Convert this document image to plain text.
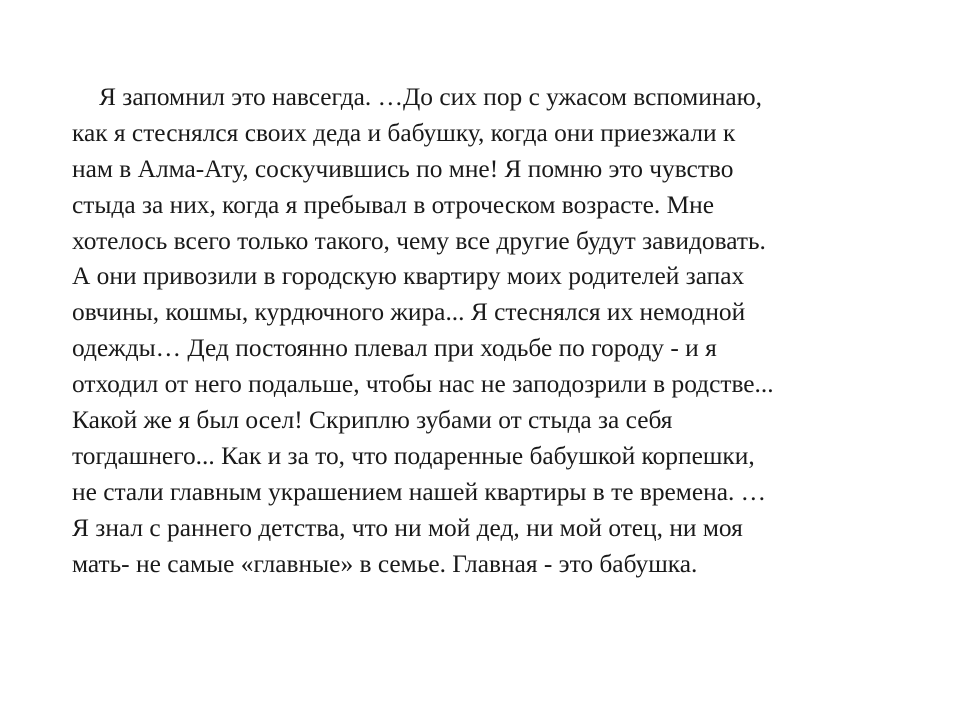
Я запомнил это навсегда. …До сих пор с ужасом вспоминаю,
как я стеснялся своих деда и бабушку, когда они приезжали к
нам в Алма-Ату, соскучившись по мне! Я помню это чувство
стыда за них, когда я пребывал в отроческом возрасте. Мне
хотелось всего только такого, чему все другие будут завидовать.
А они привозили в городскую квартиру моих родителей запах
овчины, кошмы, курдючного жира... Я стеснялся их немодной
одежды… Дед постоянно плевал при ходьбе по городу - и я
отходил от него подальше, чтобы нас не заподозрили в родстве...
Какой же я был осел! Скриплю зубами от стыда за себя
тогдашнего... Как и за то, что подаренные бабушкой корпешки,
не стали главным украшением нашей квартиры в те времена. …
Я знал с раннего детства, что ни мой дед, ни мой отец, ни моя
мать- не самые «главные» в семье. Главная - это бабушка.
